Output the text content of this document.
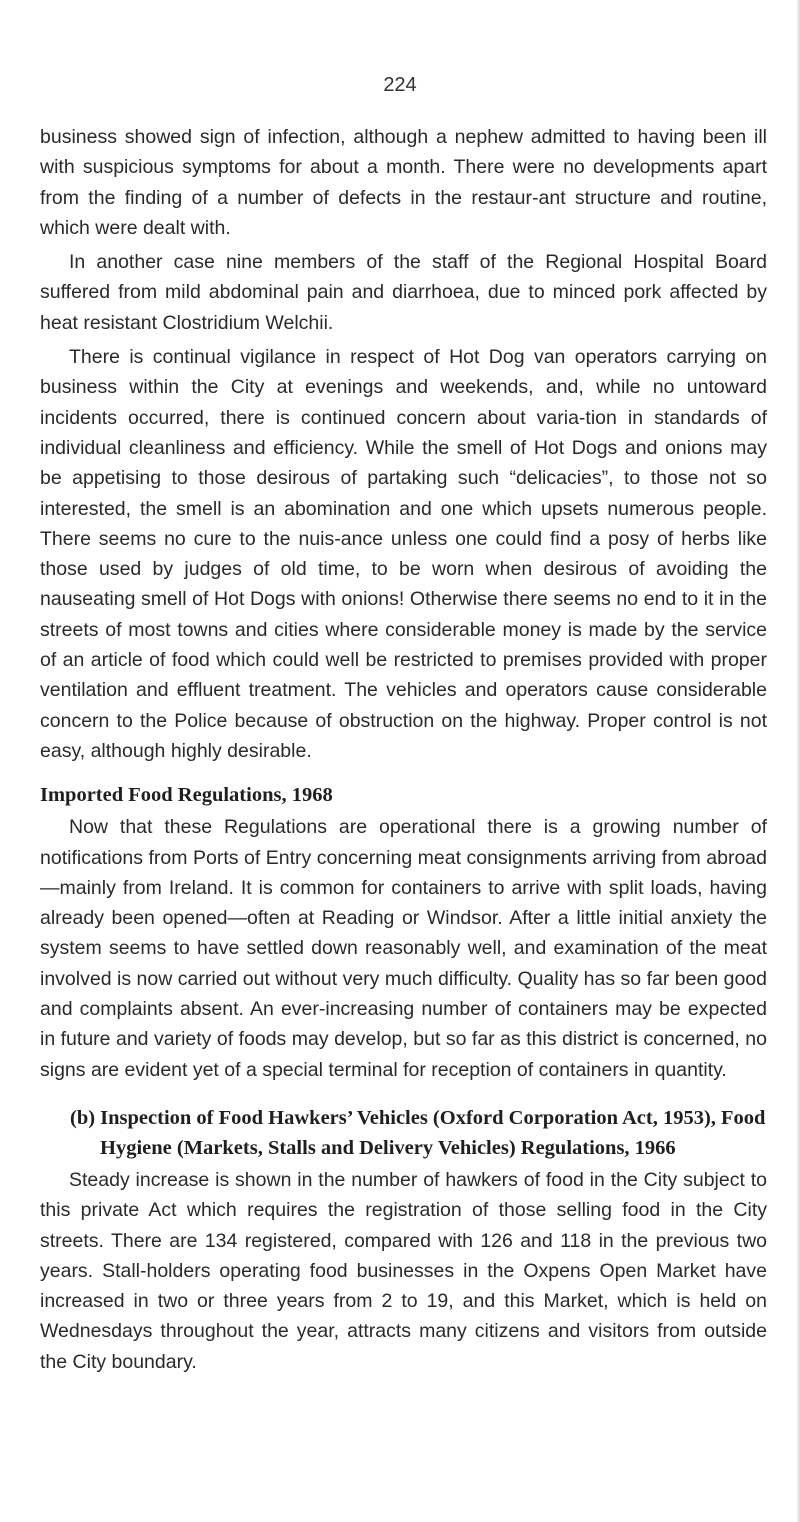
224

business showed sign of infection, although a nephew admitted to having been ill with suspicious symptoms for about a month. There were no developments apart from the finding of a number of defects in the restaur-ant structure and routine, which were dealt with.

In another case nine members of the staff of the Regional Hospital Board suffered from mild abdominal pain and diarrhoea, due to minced pork affected by heat resistant Clostridium Welchii.

There is continual vigilance in respect of Hot Dog van operators carrying on business within the City at evenings and weekends, and, while no untoward incidents occurred, there is continued concern about varia-tion in standards of individual cleanliness and efficiency. While the smell of Hot Dogs and onions may be appetising to those desirous of partaking such “delicacies”, to those not so interested, the smell is an abomination and one which upsets numerous people. There seems no cure to the nuis-ance unless one could find a posy of herbs like those used by judges of old time, to be worn when desirous of avoiding the nauseating smell of Hot Dogs with onions! Otherwise there seems no end to it in the streets of most towns and cities where considerable money is made by the service of an article of food which could well be restricted to premises provided with proper ventilation and effluent treatment. The vehicles and operators cause considerable concern to the Police because of obstruction on the highway. Proper control is not easy, although highly desirable.

Imported Food Regulations, 1968

Now that these Regulations are operational there is a growing number of notifications from Ports of Entry concerning meat consignments arriving from abroad—mainly from Ireland. It is common for containers to arrive with split loads, having already been opened—often at Reading or Windsor. After a little initial anxiety the system seems to have settled down reasonably well, and examination of the meat involved is now carried out without very much difficulty. Quality has so far been good and complaints absent. An ever-increasing number of containers may be expected in future and variety of foods may develop, but so far as this district is concerned, no signs are evident yet of a special terminal for reception of containers in quantity.

(b) Inspection of Food Hawkers’ Vehicles (Oxford Corporation Act, 1953), Food Hygiene (Markets, Stalls and Delivery Vehicles) Regulations, 1966

Steady increase is shown in the number of hawkers of food in the City subject to this private Act which requires the registration of those selling food in the City streets. There are 134 registered, compared with 126 and 118 in the previous two years. Stall-holders operating food businesses in the Oxpens Open Market have increased in two or three years from 2 to 19, and this Market, which is held on Wednesdays throughout the year, attracts many citizens and visitors from outside the City boundary.
